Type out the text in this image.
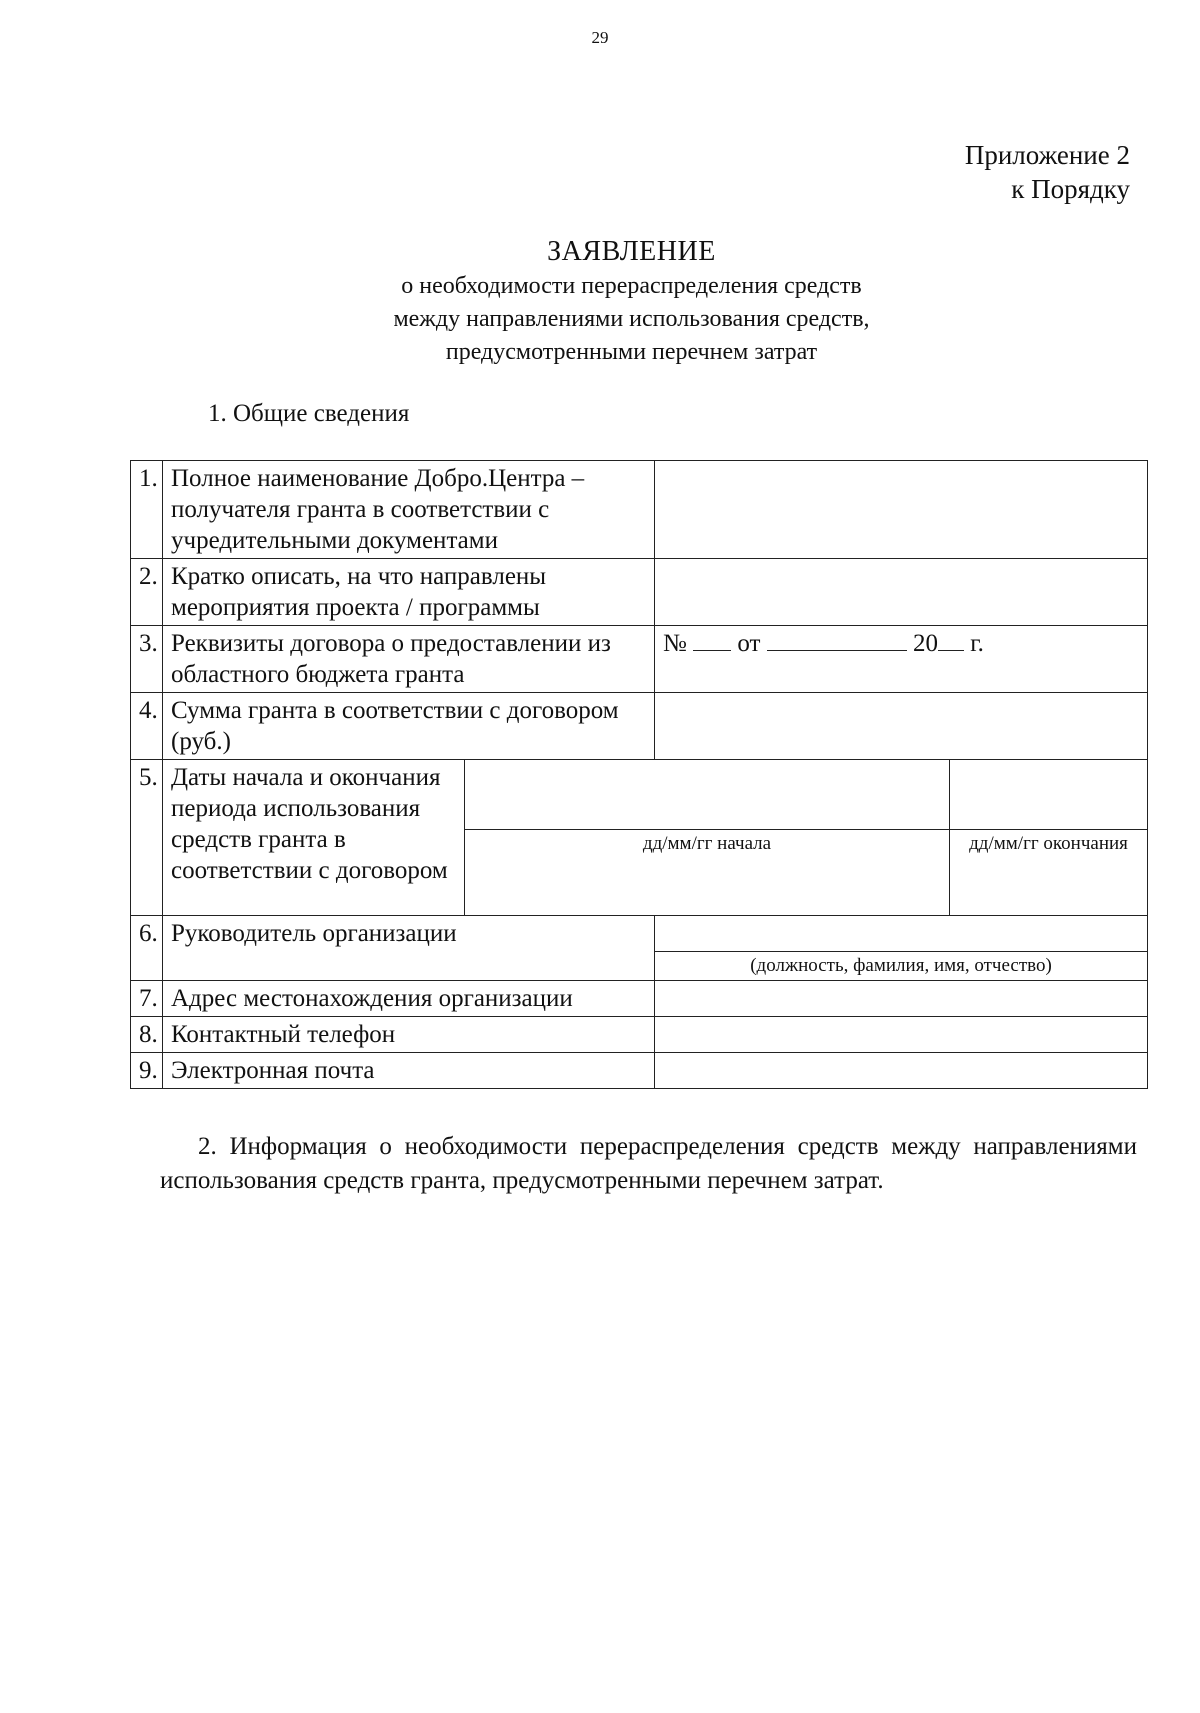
29
Приложение 2
к Порядку
ЗАЯВЛЕНИЕ
о необходимости перераспределения средств
между направлениями использования средств,
предусмотренными перечнем затрат
1. Общие сведения
1.	Полное наименование Добро.Центра – получателя гранта в соответствии с учредительными документами			
2.	Кратко описать, на что направлены мероприятия проекта / программы			
3.	Реквизиты договора о предоставлении из областного бюджета гранта		№ от 20 г.	
4.	Сумма гранта в соответствии с договором (руб.)			
5.	Даты начала и окончания периода использования средств гранта в соответствии с договором			
		дд/мм/гг начала		дд/мм/гг окончания
6.	Руководитель организации			
			(должность, фамилия, имя, отчество)	
7.	Адрес местонахождения организации			
8.	Контактный телефон			
9.	Электронная почта			
2. Информация о необходимости перераспределения средств между направлениями использования средств гранта, предусмотренными перечнем затрат.
